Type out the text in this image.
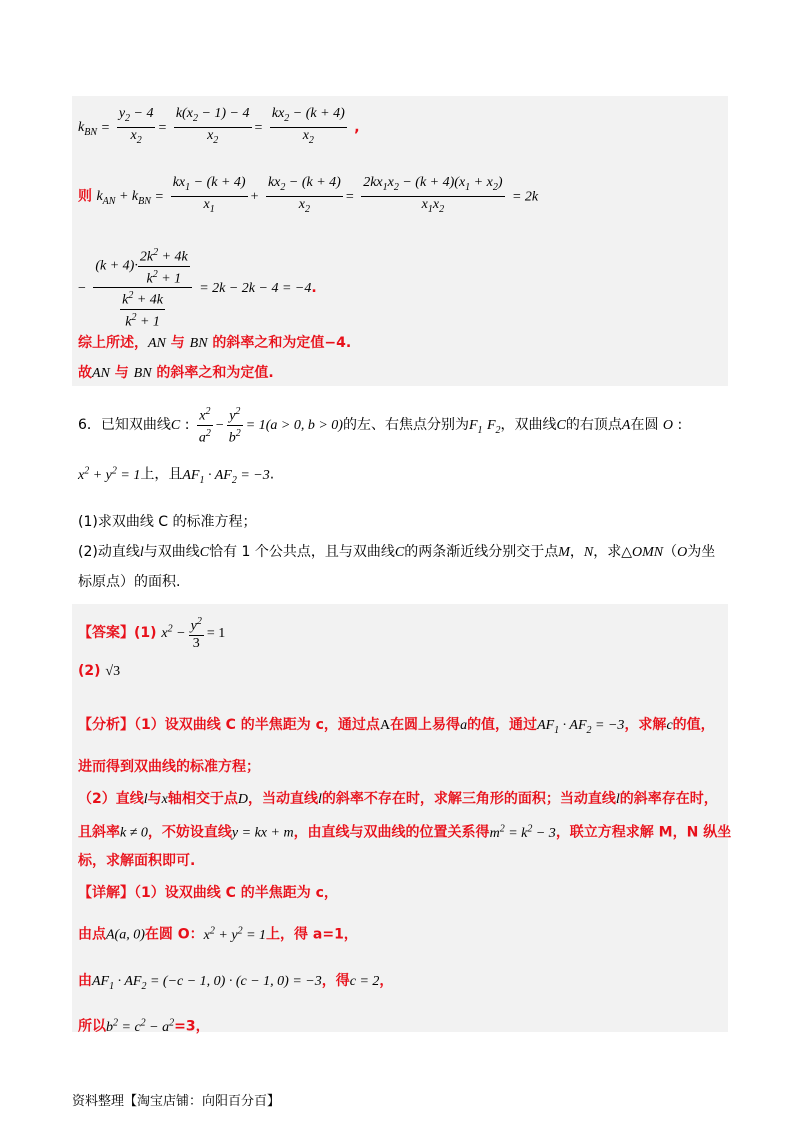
$k_{BN} = \frac{y_2 - 4}{x_2} = \frac{k(x_2 - 1) - 4}{x_2} = \frac{kx_2 - (k + 4)}{x_2}$ ,
则 $k_{AN} + k_{BN} = \frac{kx_1 - (k + 4)}{x_1} + \frac{kx_2 - (k + 4)}{x_2} = \frac{2kx_1x_2 - (k + 4)(x_1 + x_2)}{x_1x_2} = 2k$
− $\frac{(k + 4)\cdot \frac{2k^2 + 4k}{k^2 + 1}}{\frac{k^2 + 4k}{k^2 + 1}} = 2k - 2k - 4 = -4$.
综上所述，AN 与 BN 的斜率之和为定值−4.
故AN 与 BN 的斜率之和为定值.
6．已知双曲线C : $\frac{x^2}{a^2} - \frac{y^2}{b^2} = 1(a > 0$, b > 0)的左、右焦点分别为$F_1$ $F_2$，双曲线C的右顶点A在圆 O :
$x^2 + y^2 = 1$上，且$AF_1 \cdot AF_2 = -3$.
(1)求双曲线 C 的标准方程；
(2)动直线l与双曲线C恰有 1 个公共点，且与双曲线C的两条渐近线分别交于点M，N，求△OMN（O为坐
标原点）的面积.
【答案】(1) $x^2 - \frac{y^2}{3} = 1$
(2) √3
【分析】（1）设双曲线 C 的半焦距为 c，通过点A在圆上易得a的值，通过$AF_1 \cdot AF_2 = -3$，求解c的值，
进而得到双曲线的标准方程；
（2）直线l与x轴相交于点D，当动直线l的斜率不存在时，求解三角形的面积；当动直线l的斜率存在时，
且斜率k ≠ 0，不妨设直线y = kx + m，由直线与双曲线的位置关系得$m^2 = k^2 - 3$，联立方程求解 M，N 纵坐
标，求解面积即可.
【详解】（1）设双曲线 C 的半焦距为 c，
由点A(a, 0)在圆 O：$x^2 + y^2 = 1$上，得 a=1，
由$AF_1 \cdot AF_2 = (-c - 1$, 0) · (c − 1, 0) = −3，得c = 2，
所以$b^2 = c^2 - a^2=3$，
资料整理【淘宝店铺：向阳百分百】
